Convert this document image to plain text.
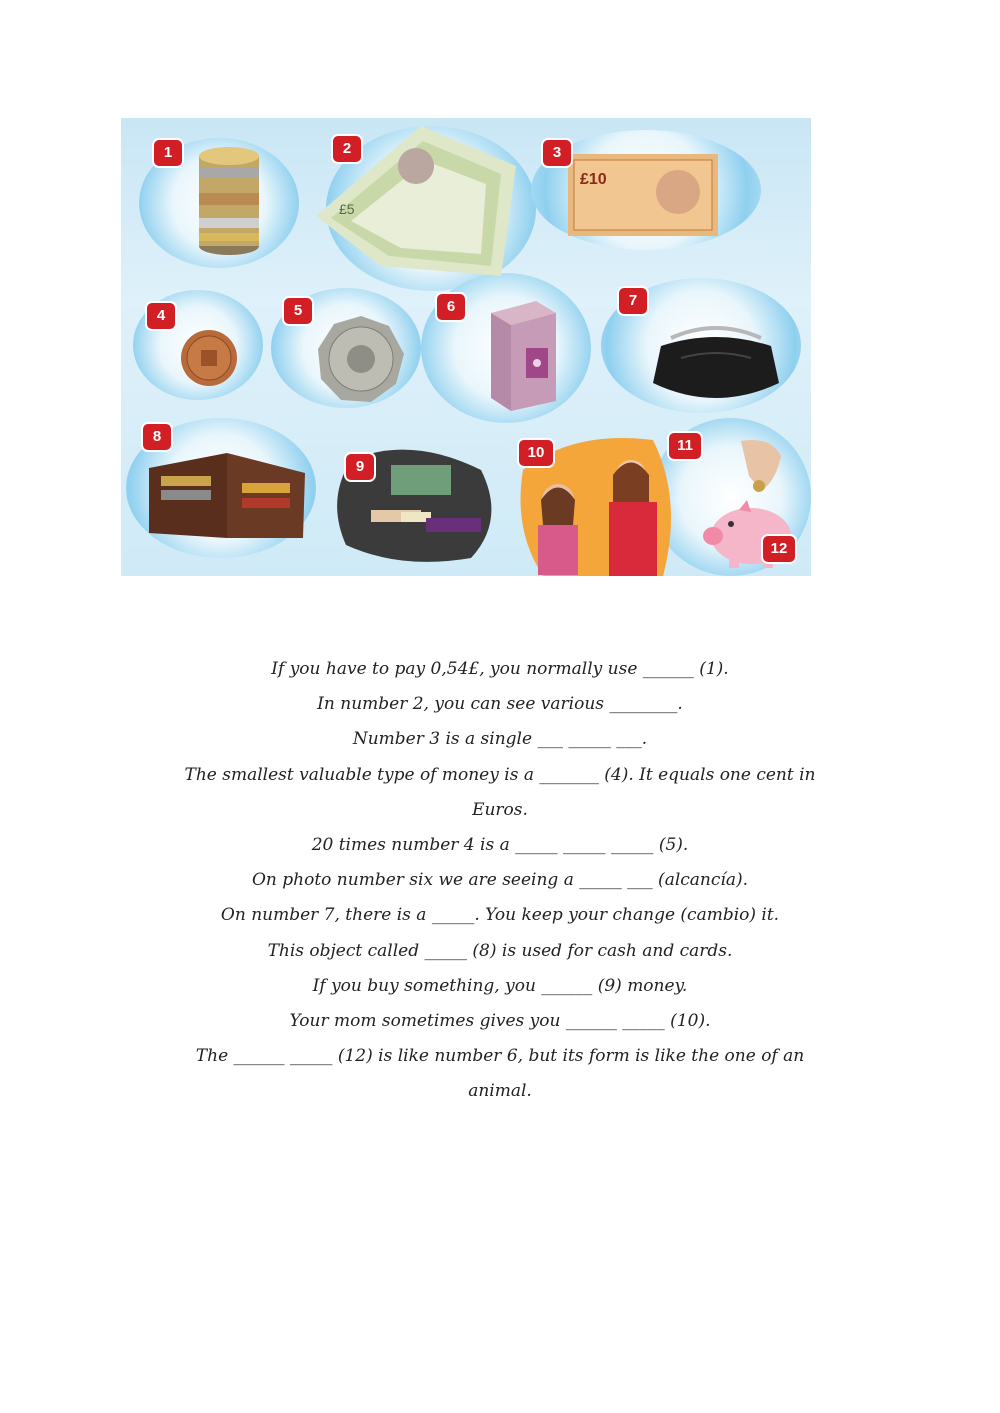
£5
£10
1	2	3
4	5	6	7
8
9
10	11
12

If you have to pay 0,54£, you normally use ______ (1).

In number 2, you can see various ________.

Number 3 is a single ___ _____ ___.

The smallest valuable type of money is a _______ (4). It equals one cent in

Euros.

20 times number 4 is a _____ _____ _____ (5).

On photo number six we are seeing a _____ ___ (alcancía).

On number 7, there is a _____. You keep your change (cambio) it.

This object called _____ (8) is used for cash and cards.

If you buy something, you ______ (9) money.

Your mom sometimes gives you ______ _____ (10).

The ______ _____ (12) is like number 6, but its form is like the one of an

animal.
